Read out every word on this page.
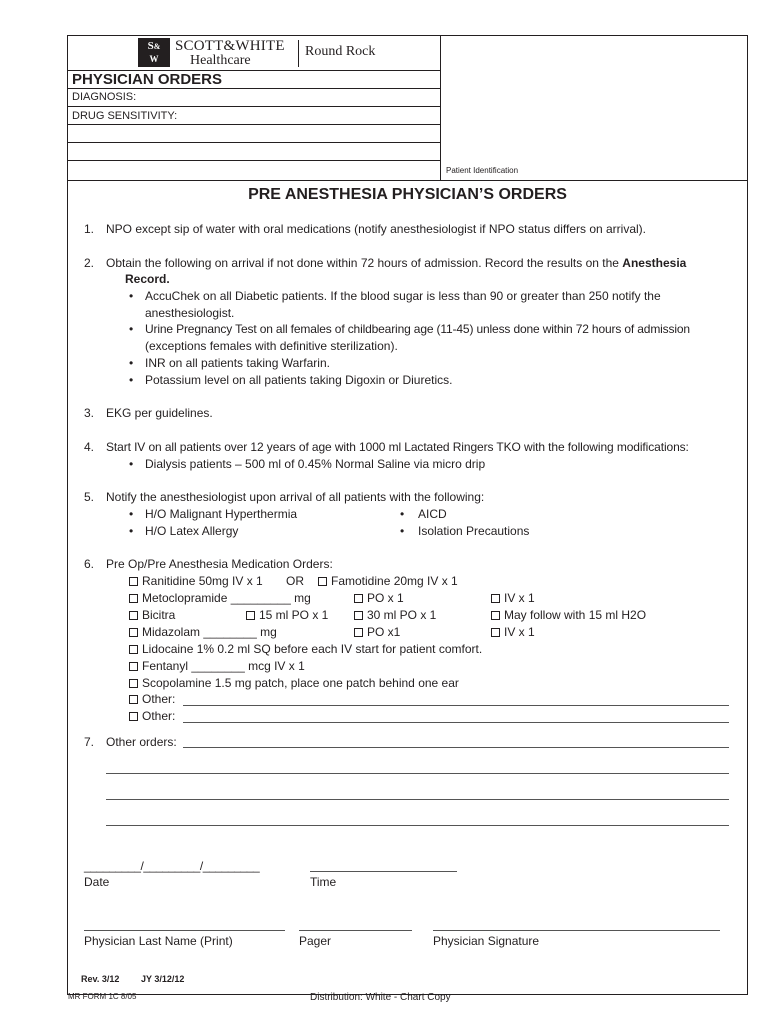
S&
W
SCOTT&WHITE
Healthcare
Round Rock
PHYSICIAN ORDERS
DIAGNOSIS:
DRUG SENSITIVITY:
Patient Identification
PRE ANESTHESIA PHYSICIAN’S ORDERS
1. NPO except sip of water with oral medications (notify anesthesiologist if NPO status differs on arrival).
2. Obtain the following on arrival if not done within 72 hours of admission. Record the results on the Anesthesia
Record.
• AccuChek on all Diabetic patients. If the blood sugar is less than 90 or greater than 250 notify the
anesthesiologist.
• Urine Pregnancy Test on all females of childbearing age (11-45) unless done within 72 hours of admission
(exceptions females with definitive sterilization).
• INR on all patients taking Warfarin.
• Potassium level on all patients taking Digoxin or Diuretics.
3. EKG per guidelines.
4. Start IV on all patients over 12 years of age with 1000 ml Lactated Ringers TKO with the following modifications:
• Dialysis patients – 500 ml of 0.45% Normal Saline via micro drip
5. Notify the anesthesiologist upon arrival of all patients with the following:
• H/O Malignant Hyperthermia	• AICD
• H/O Latex Allergy	• Isolation Precautions
6. Pre Op/Pre Anesthesia Medication Orders:
Ranitidine 50mg IV x 1 OR	Famotidine 20mg IV x 1
Metoclopramide _________ mg	PO x 1	IV x 1
Bicitra	15 ml PO x 1	30 ml PO x 1	May follow with 15 ml H2O
Midazolam ________ mg	PO x1	IV x 1
Lidocaine 1% 0.2 ml SQ before each IV start for patient comfort.
Fentanyl ________ mcg IV x 1
Scopolamine 1.5 mg patch, place one patch behind one ear
Other:
Other:
7. Other orders:
_________/_________/_________
Date	Time
Physician Last Name (Print)	Pager	Physician Signature
Rev. 3/12 JY 3/12/12
MR FORM 1C 8/05	Distribution: White - Chart Copy
